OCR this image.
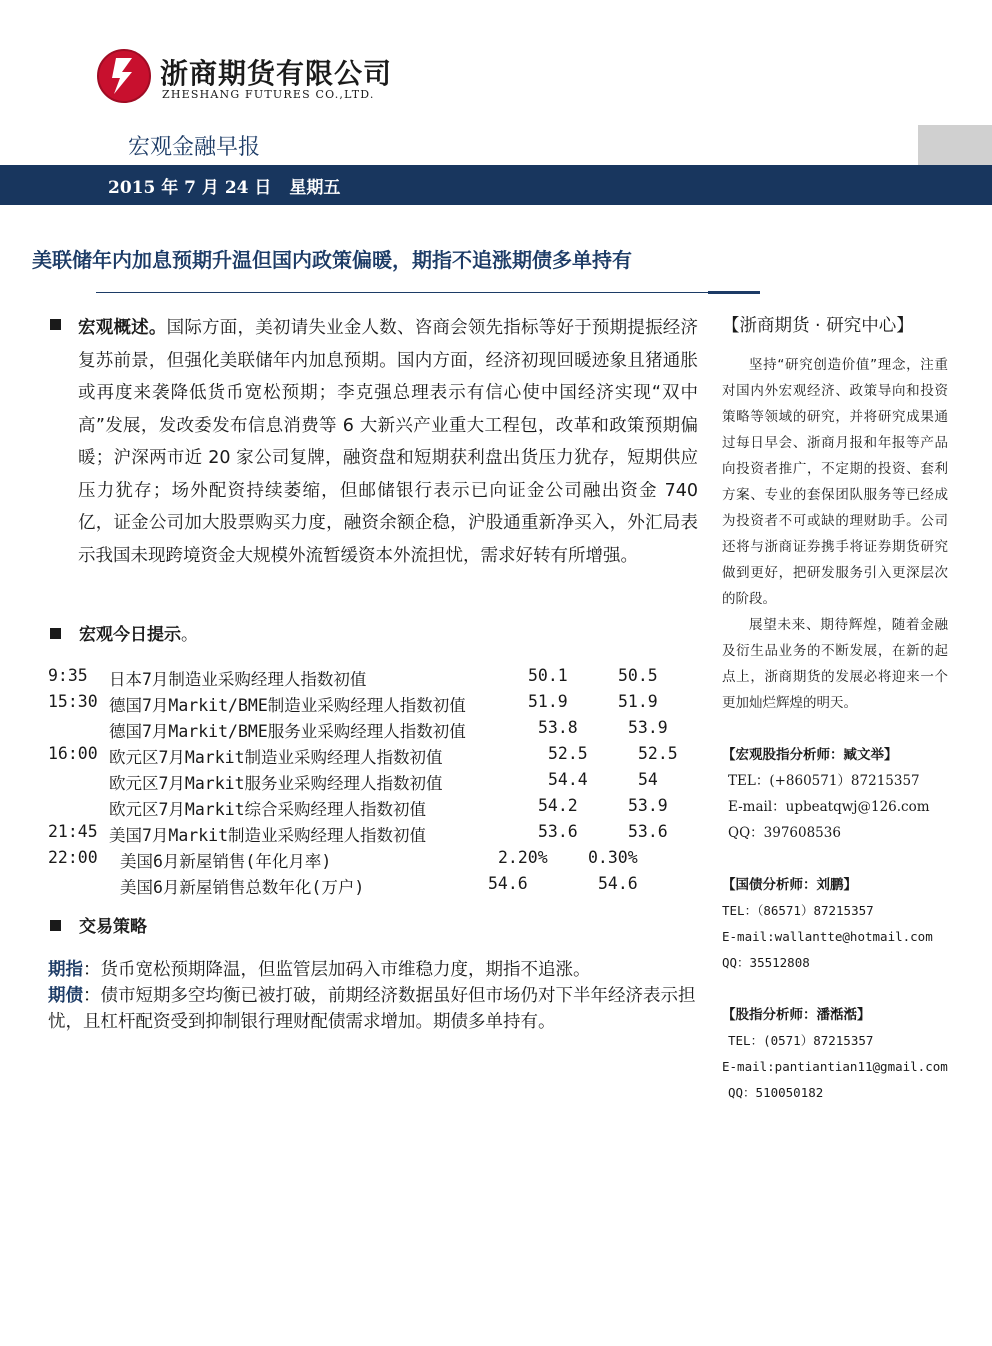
浙商期货有限公司
ZHESHANG FUTURES CO.,LTD.
宏观金融早报
2015 年 7 月 24 日 星期五
美联储年内加息预期升温但国内政策偏暖，期指不追涨期债多单持有
宏观概述。国际方面，美初请失业金人数、咨商会领先指标等好于预期提振经济复苏前景，但强化美联储年内加息预期。国内方面，经济初现回暖迹象且猪通胀或再度来袭降低货币宽松预期；李克强总理表示有信心使中国经济实现“双中高”发展，发改委发布信息消费等 6 大新兴产业重大工程包，改革和政策预期偏暖；沪深两市近 20 家公司复牌，融资盘和短期获利盘出货压力犹存，短期供应压力犹存；场外配资持续萎缩，但邮储银行表示已向证金公司融出资金 740 亿，证金公司加大股票购买力度，融资余额企稳，沪股通重新净买入，外汇局表示我国未现跨境资金大规模外流暂缓资本外流担忧，需求好转有所增强。
宏观今日提示。
9:35 日本7月制造业采购经理人指数初值	50.1	50.5
15:30 德国7月Markit/BME制造业采购经理人指数初值	51.9	51.9
德国7月Markit/BME服务业采购经理人指数初值	53.8	53.9
16:00 欧元区7月Markit制造业采购经理人指数初值	52.5	52.5
欧元区7月Markit服务业采购经理人指数初值	54.4	54
欧元区7月Markit综合采购经理人指数初值	54.2	53.9
21:45 美国7月Markit制造业采购经理人指数初值	53.6	53.6
22:00 美国6月新屋销售(年化月率)	2.20% 0.30%
美国6月新屋销售总数年化(万户)	54.6	54.6
交易策略
期指：货币宽松预期降温，但监管层加码入市维稳力度，期指不追涨。
期债：债市短期多空均衡已被打破，前期经济数据虽好但市场仍对下半年经济表示担忧，且杠杆配资受到抑制银行理财配债需求增加。期债多单持有。
【浙商期货 · 研究中心】

坚持“研究创造价值”理念，注重对国内外宏观经济、政策导向和投资策略等领域的研究，并将研究成果通过每日早会、浙商月报和年报等产品向投资者推广，不定期的投资、套利方案、专业的套保团队服务等已经成为投资者不可或缺的理财助手。公司还将与浙商证券携手将证券期货研究做到更好，把研发服务引入更深层次的阶段。

展望未来、期待辉煌，随着金融及衍生品业务的不断发展，在新的起点上，浙商期货的发展必将迎来一个更加灿烂辉煌的明天。

【宏观股指分析师：臧文举】
TEL：(+860571）87215357
E-mail：upbeatqwj@126.com
QQ：397608536
【国债分析师：刘鹏】
TEL：（86571）87215357
E-mail:wallantte@hotmail.com
QQ：35512808
【股指分析师：潘湉湉】
TEL：(0571）87215357
E-mail:pantiantian11@gmail.com
QQ：510050182
